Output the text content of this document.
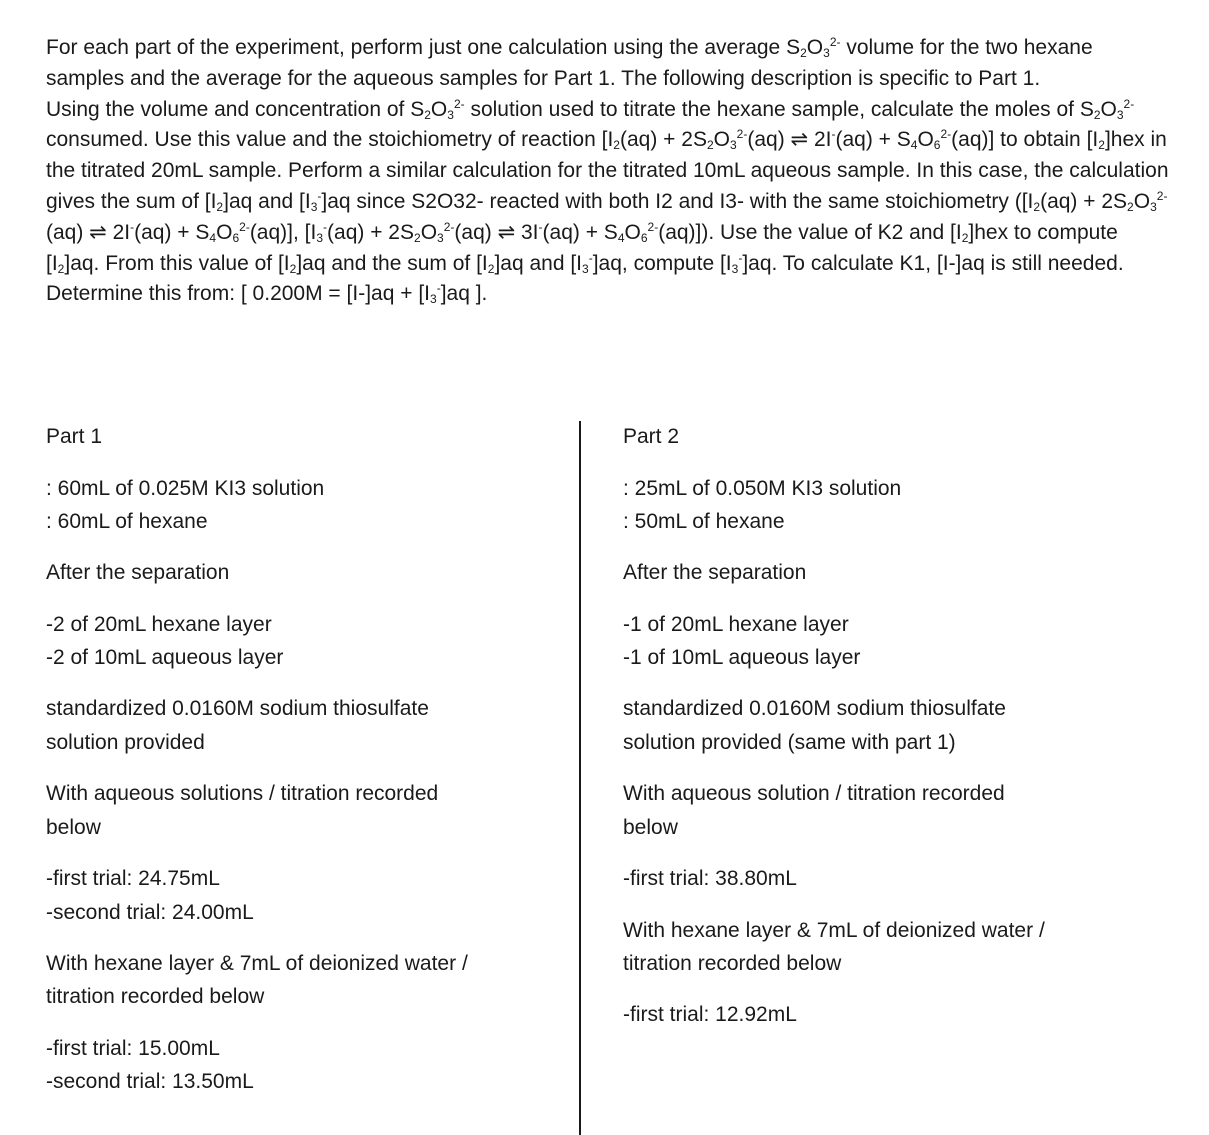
For each part of the experiment, perform just one calculation using the average $S_2O_3^{2-}$ volume for the two hexane samples and the average for the aqueous samples for Part 1. The following description is specific to Part 1.

Using the volume and concentration of $S_2O_3^{2-}$ solution used to titrate the hexane sample, calculate the moles of $S_2O_3^{2-}$ consumed. Use this value and the stoichiometry of reaction [$I_2(aq) + 2S_2O_3^{2-}(aq)$ ⇌ $2I^-(aq) + S_4O_6^{2-}(aq)$] to obtain $[I_2]hex$ in the titrated 20mL sample. Perform a similar calculation for the titrated 10mL aqueous sample. In this case, the calculation gives the sum of $[I_2]aq$ and $[I_3^-]aq$ since S2O32- reacted with both I2 and I3- with the same stoichiometry ([$I_2(aq) + 2S_2O_3^{2-}(aq)$ ⇌ $2I^-(aq) + S_4O_6^{2-}(aq)$], [$I_3^-(aq) + 2S_2O_3^{2-}(aq)$ ⇌ $3I^-(aq) + S_4O_6^{2-}(aq)$]). Use the value of K2 and $[I_2]hex$ to compute $[I_2]aq$. From this value of $[I_2]aq$ and the sum of $[I_2]aq$ and $[I_3^-]aq$, compute $[I_3^-]aq$. To calculate K1, [I-]aq is still needed. Determine this from: [ $0.200M = [I-]aq + [I_3^-]aq$ ].

Part 1
: 60mL of 0.025M KI3 solution
: 60mL of hexane
After the separation
-2 of 20mL hexane layer
-2 of 10mL aqueous layer
standardized 0.0160M sodium thiosulfate
solution provided
With aqueous solutions / titration recorded
below
-first trial: 24.75mL
-second trial: 24.00mL
With hexane layer & 7mL of deionized water /
titration recorded below
-first trial: 15.00mL
-second trial: 13.50mL
Part 2
: 25mL of 0.050M KI3 solution
: 50mL of hexane
After the separation
-1 of 20mL hexane layer
-1 of 10mL aqueous layer
standardized 0.0160M sodium thiosulfate
solution provided (same with part 1)
With aqueous solution / titration recorded
below
-first trial: 38.80mL
With hexane layer & 7mL of deionized water /
titration recorded below
-first trial: 12.92mL
